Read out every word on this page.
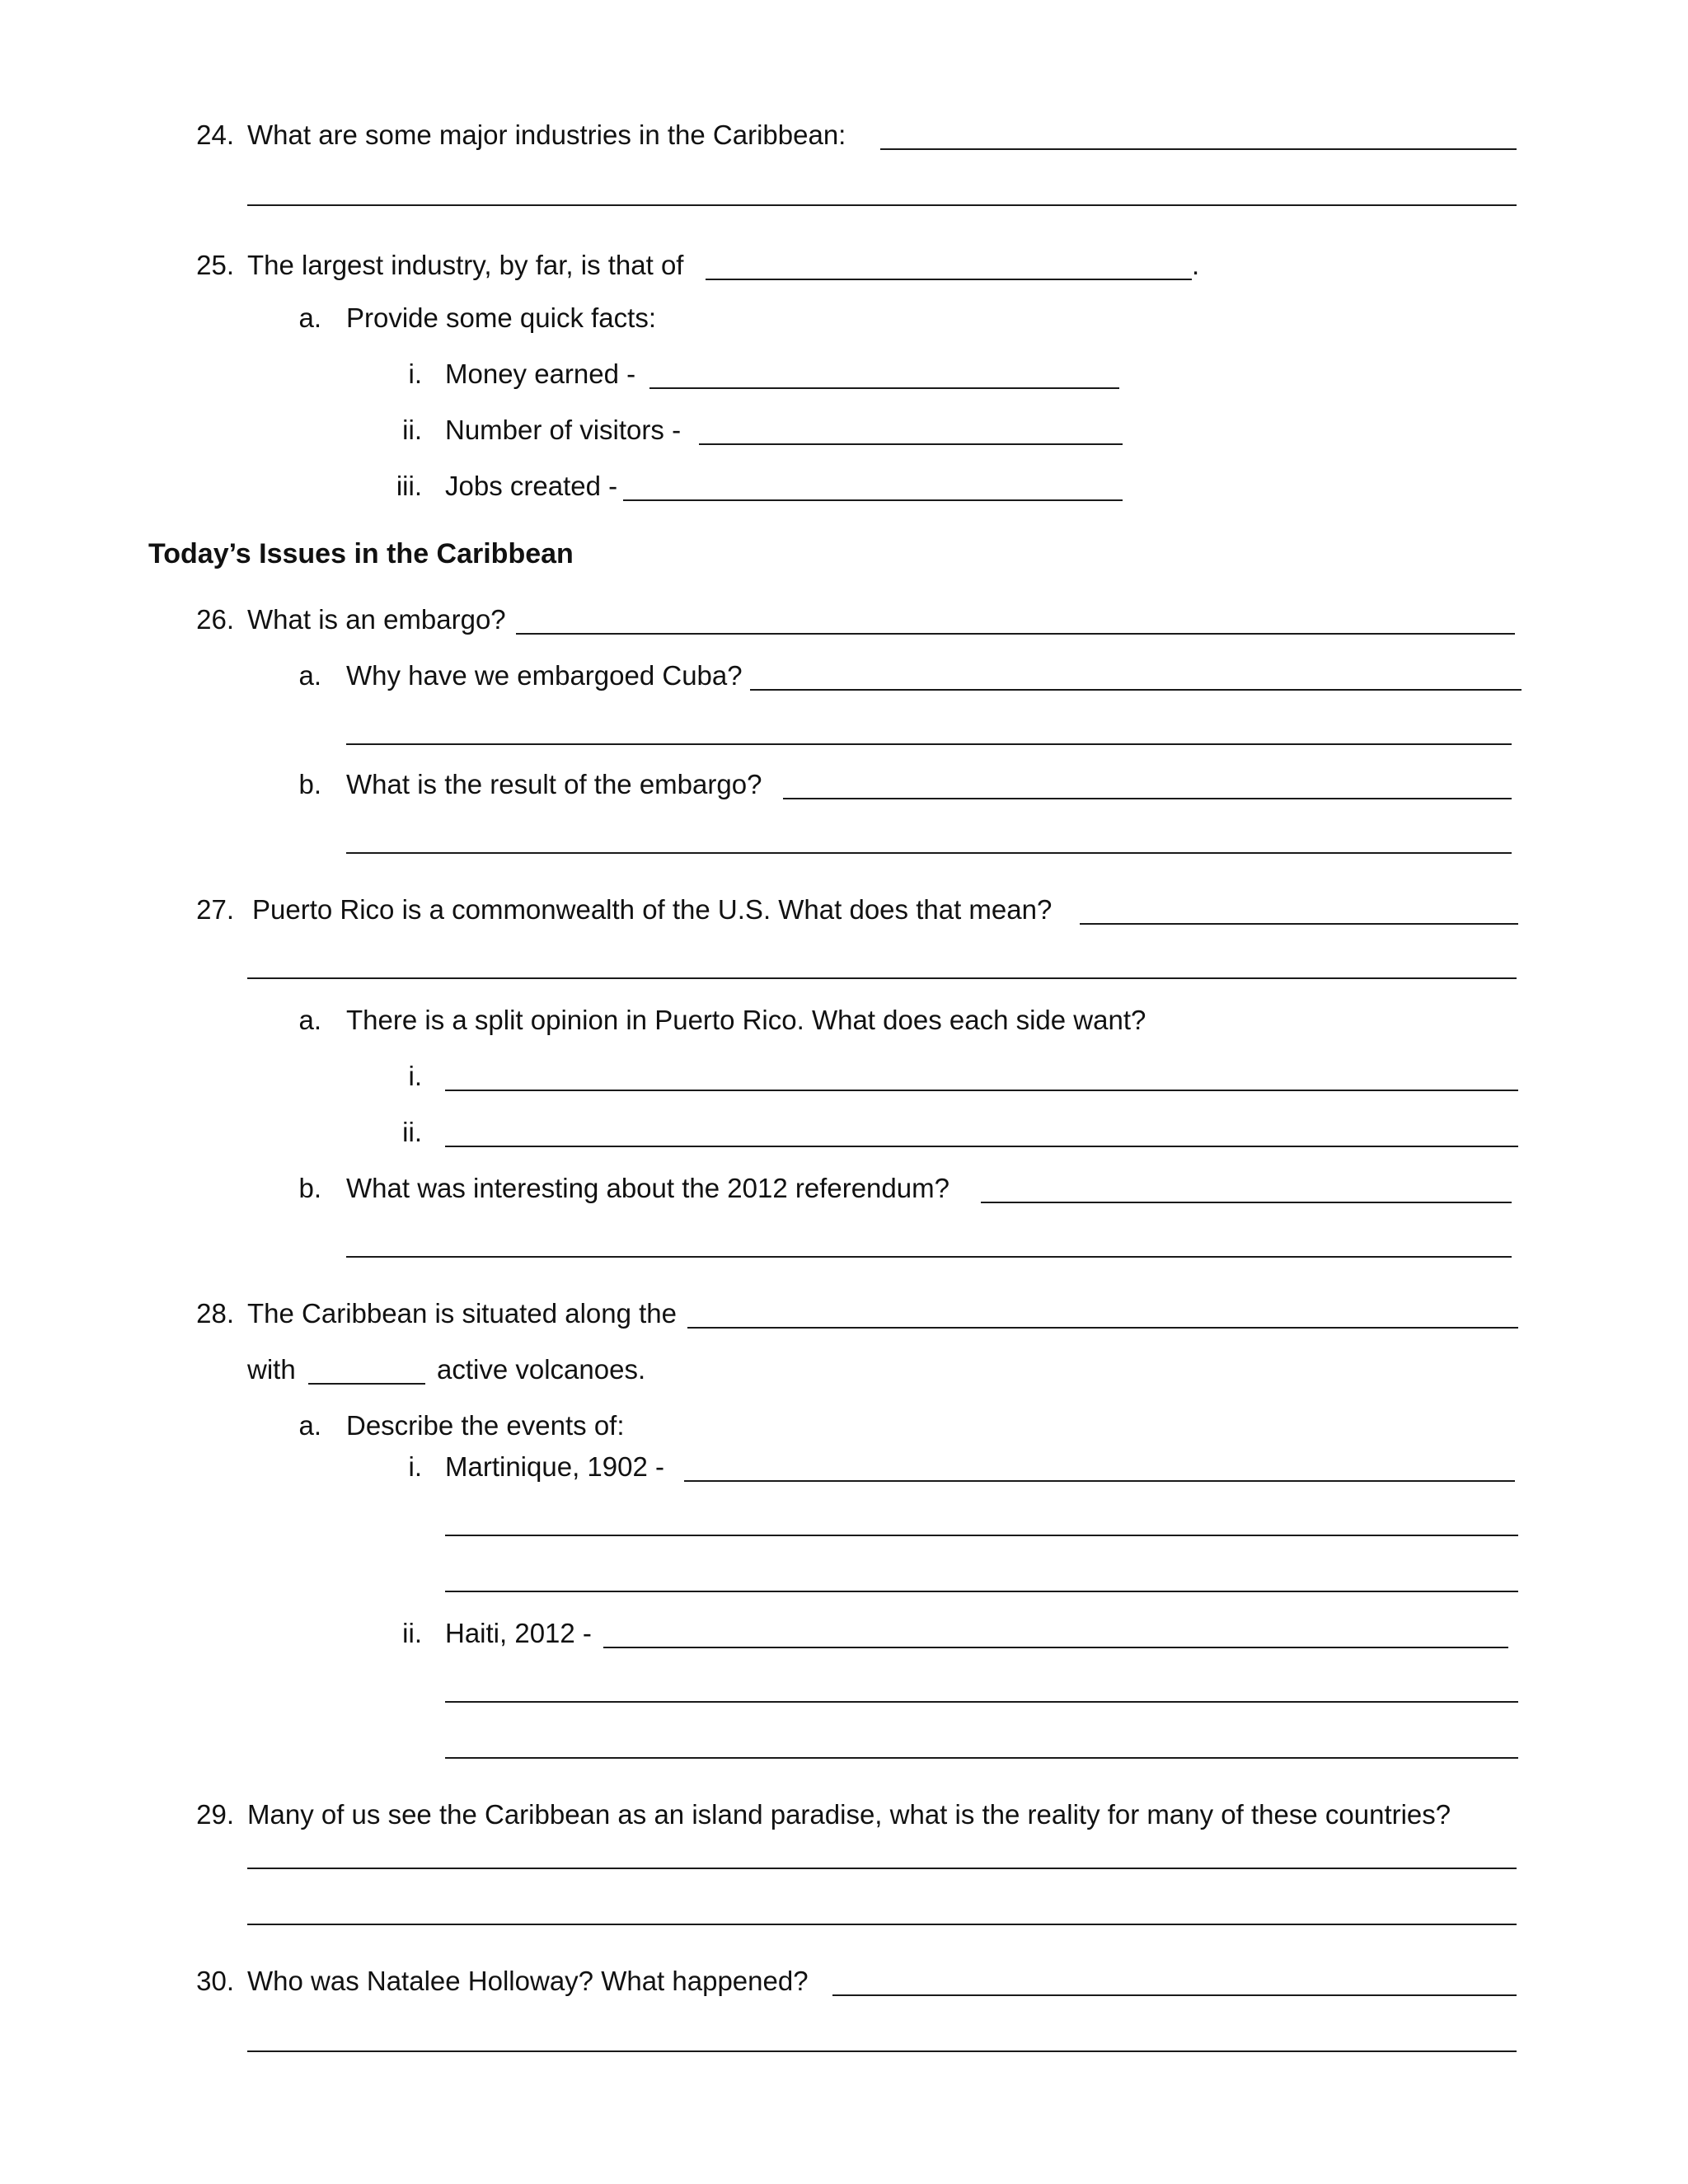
24. What are some major industries in the Caribbean:
25. The largest industry, by far, is that of	.
a. Provide some quick facts:
i. Money earned -
ii. Number of visitors -
iii. Jobs created -
Today’s Issues in the Caribbean
26. What is an embargo?
a. Why have we embargoed Cuba?
b. What is the result of the embargo?
27. Puerto Rico is a commonwealth of the U.S. What does that mean?
a. There is a split opinion in Puerto Rico. What does each side want?
i.
ii.
b. What was interesting about the 2012 referendum?
28. The Caribbean is situated along the
with	active volcanoes.
a. Describe the events of:
i. Martinique, 1902 -
ii. Haiti, 2012 -
29. Many of us see the Caribbean as an island paradise, what is the reality for many of these countries?
30. Who was Natalee Holloway? What happened?
